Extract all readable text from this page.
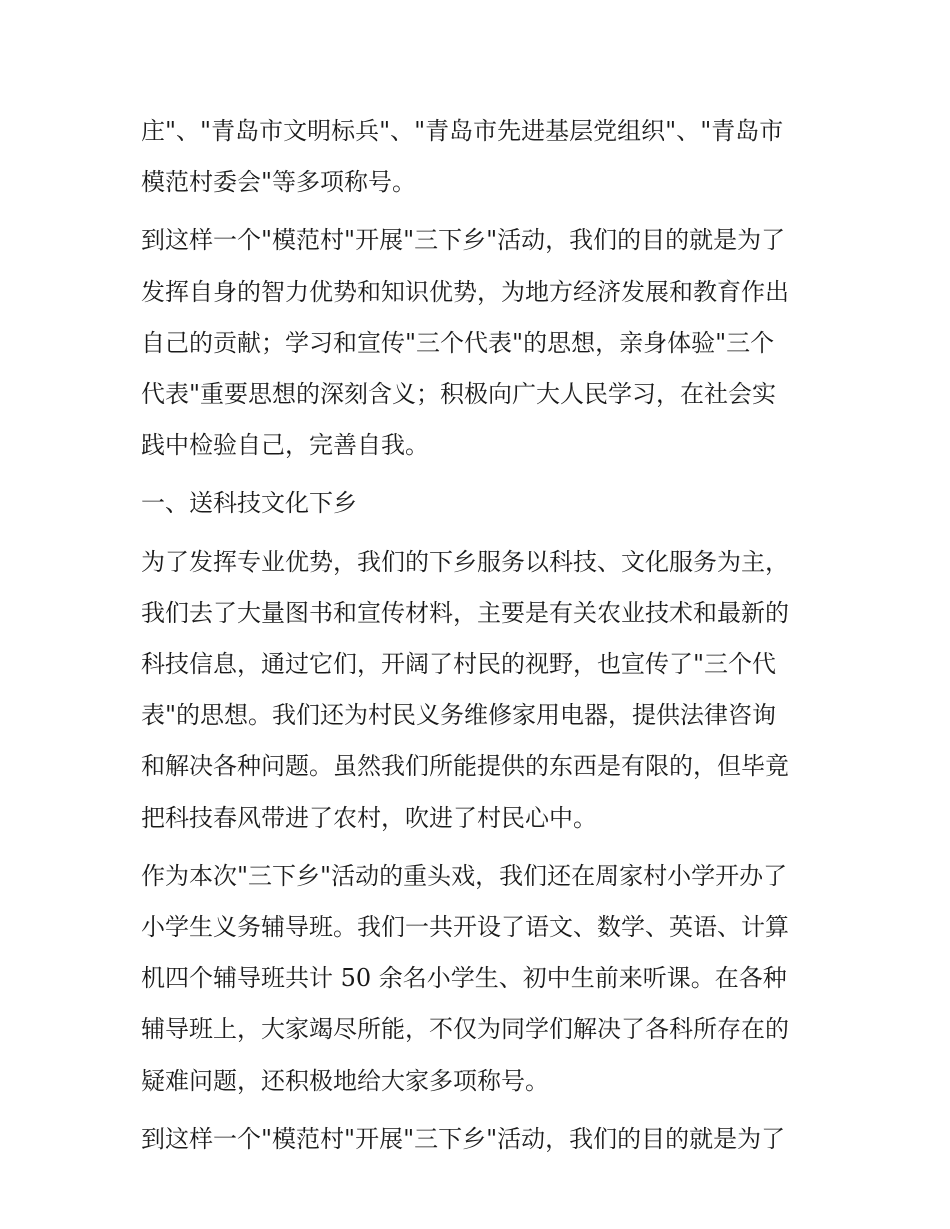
庄"、"青岛市文明标兵"、"青岛市先进基层党组织"、"青岛市
模范村委会"等多项称号。

到这样一个"模范村"开展"三下乡"活动，我们的目的就是为了
发挥自身的智力优势和知识优势，为地方经济发展和教育作出
自己的贡献；学习和宣传"三个代表"的思想，亲身体验"三个
代表"重要思想的深刻含义；积极向广大人民学习，在社会实
践中检验自己，完善自我。

一、送科技文化下乡

为了发挥专业优势，我们的下乡服务以科技、文化服务为主，
我们去了大量图书和宣传材料，主要是有关农业技术和最新的
科技信息，通过它们，开阔了村民的视野，也宣传了"三个代
表"的思想。我们还为村民义务维修家用电器，提供法律咨询
和解决各种问题。虽然我们所能提供的东西是有限的，但毕竟
把科技春风带进了农村，吹进了村民心中。

作为本次"三下乡"活动的重头戏，我们还在周家村小学开办了
小学生义务辅导班。我们一共开设了语文、数学、英语、计算
机四个辅导班共计 50 余名小学生、初中生前来听课。在各种
辅导班上，大家竭尽所能，不仅为同学们解决了各科所存在的
疑难问题，还积极地给大家多项称号。

到这样一个"模范村"开展"三下乡"活动，我们的目的就是为了
